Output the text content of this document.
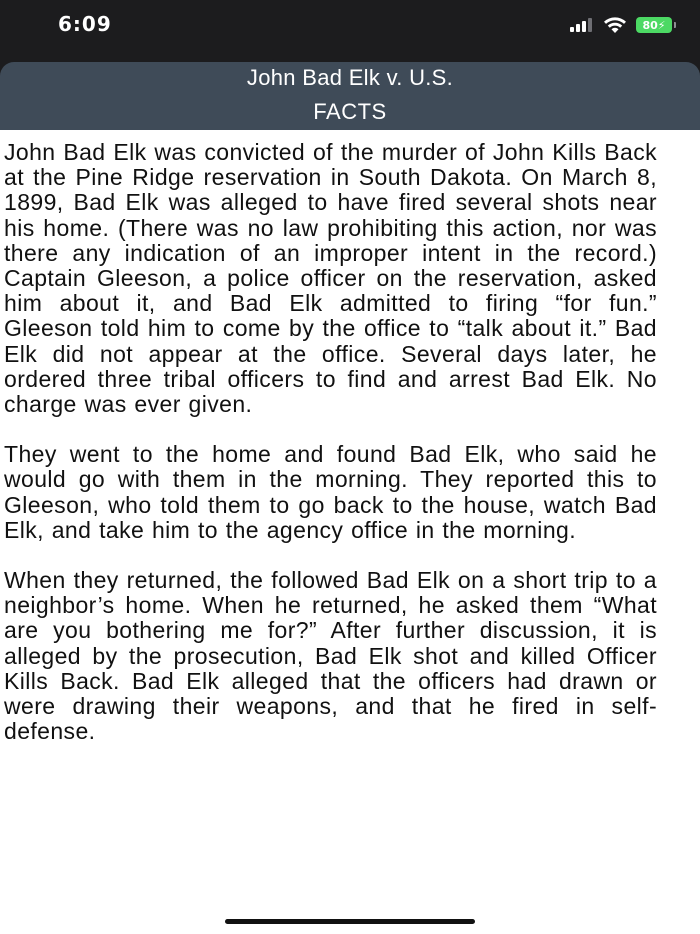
6:09	80 ⚡
John Bad Elk v. U.S.
FACTS

John Bad Elk was convicted of the murder of John Kills Back at the Pine Ridge reservation in South Dakota. On March 8, 1899, Bad Elk was alleged to have fired several shots near his home. (There was no law prohibiting this action, nor was there any indication of an improper intent in the record.) Captain Gleeson, a police officer on the reservation, asked him about it, and Bad Elk admitted to firing “for fun.” Gleeson told him to come by the office to “talk about it.” Bad Elk did not appear at the office. Several days later, he ordered three tribal officers to find and arrest Bad Elk. No charge was ever given.

They went to the home and found Bad Elk, who said he would go with them in the morning. They reported this to Gleeson, who told them to go back to the house, watch Bad Elk, and take him to the agency office in the morning.

When they returned, the followed Bad Elk on a short trip to a neighbor’s home. When he returned, he asked them “What are you bothering me for?” After further discussion, it is alleged by the prosecution, Bad Elk shot and killed Officer Kills Back. Bad Elk alleged that the officers had drawn or were drawing their weapons, and that he fired in self-defense.
